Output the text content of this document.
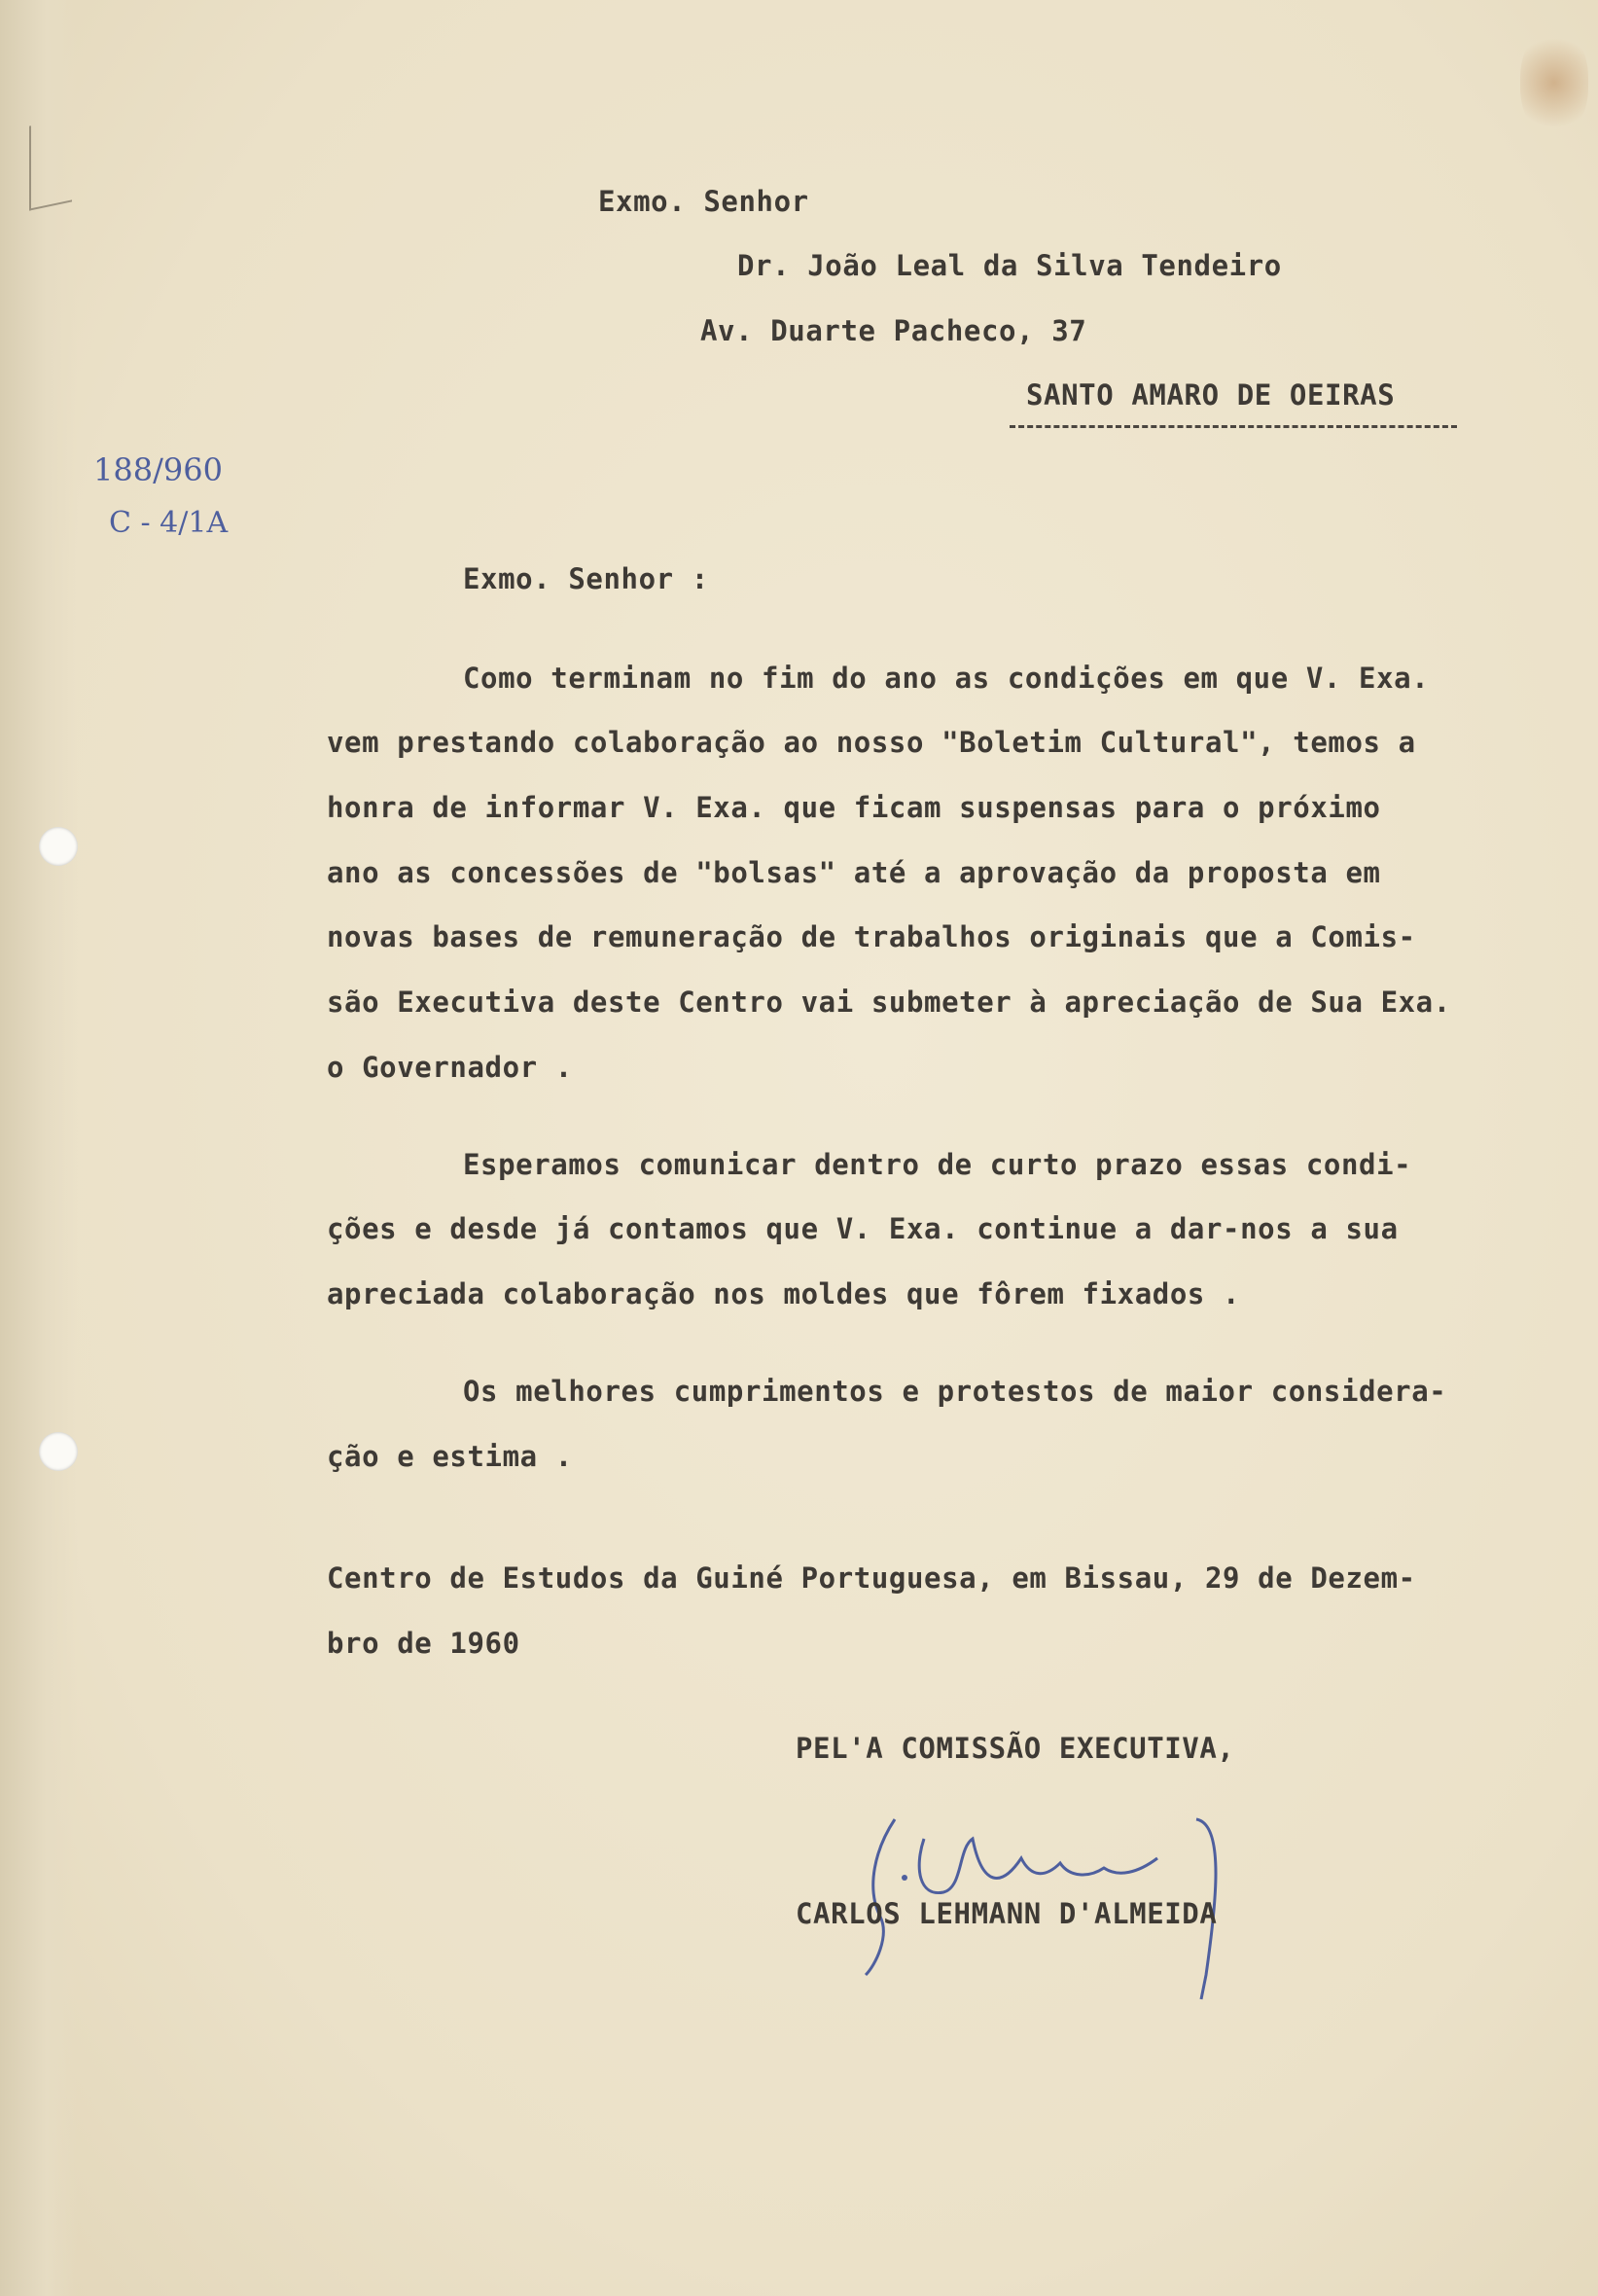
Exmo. Senhor

Dr. João Leal da Silva Tendeiro

Av. Duarte Pacheco, 37

SANTO AMARO DE OEIRAS

188/960

C - 4/1A

Exmo. Senhor :

Como terminam no fim do ano as condições em que V. Exa.

vem prestando colaboração ao nosso "Boletim Cultural", temos a

honra de informar V. Exa. que ficam suspensas para o próximo

ano as concessões de "bolsas" até a aprovação da proposta em

novas bases de remuneração de trabalhos originais que a Comis-

são Executiva deste Centro vai submeter à apreciação de Sua Exa.

o Governador .

Esperamos comunicar dentro de curto prazo essas condi-

ções e desde já contamos que V. Exa. continue a dar-nos a sua

apreciada colaboração nos moldes que fôrem fixados .

Os melhores cumprimentos e protestos de maior considera-

ção e estima .

Centro de Estudos da Guiné Portuguesa, em Bissau, 29 de Dezem-

bro de 1960

PEL'A COMISSÃO EXECUTIVA,

CARLOS LEHMANN D'ALMEIDA
